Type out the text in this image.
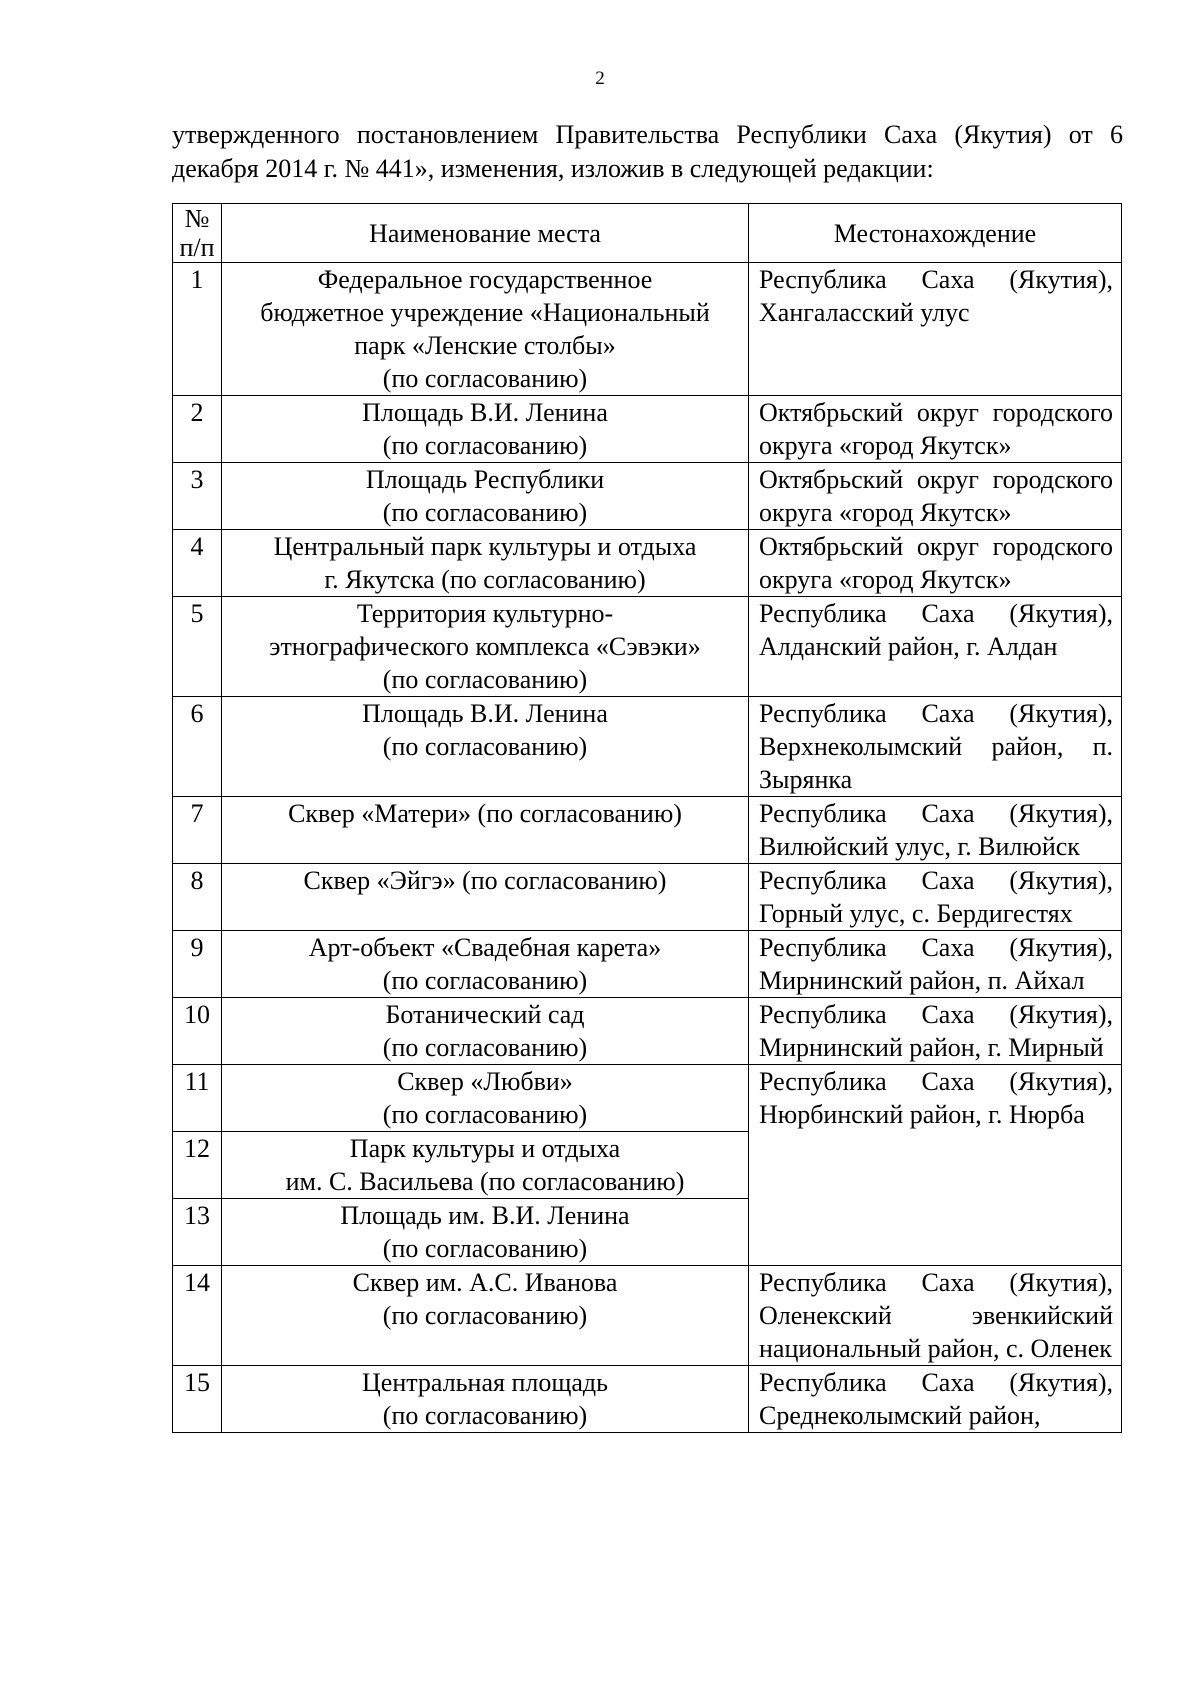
2

утвержденного постановлением Правительства Республики Саха (Якутия) от 6 декабря 2014 г. № 441», изменения, изложив в следующей редакции:

№
п/п	Наименование места	Местонахождение
1	Федеральное государственное
бюджетное учреждение «Национальный
парк «Ленские столбы»
(по согласованию)	Республика Саха (Якутия), Хангаласский улус
2	Площадь В.И. Ленина
(по согласованию)	Октябрьский округ городского округа «город Якутск»
3	Площадь Республики
(по согласованию)	Октябрьский округ городского округа «город Якутск»
4	Центральный парк культуры и отдыха
г. Якутска (по согласованию)	Октябрьский округ городского округа «город Якутск»
5	Территория культурно-
этнографического комплекса «Сэвэки»
(по согласованию)	Республика Саха (Якутия), Алданский район, г. Алдан
6	Площадь В.И. Ленина
(по согласованию)	Республика Саха (Якутия), Верхнеколымский район, п. Зырянка
7	Сквер «Матери» (по согласованию)	Республика Саха (Якутия), Вилюйский улус, г. Вилюйск
8	Сквер «Эйгэ» (по согласованию)	Республика Саха (Якутия), Горный улус, с. Бердигестях
9	Арт-объект «Свадебная карета»
(по согласованию)	Республика Саха (Якутия), Мирнинский район, п. Айхал
10	Ботанический сад
(по согласованию)	Республика Саха (Якутия), Мирнинский район, г. Мирный
11	Сквер «Любви»
(по согласованию)	Республика Саха (Якутия), Нюрбинский район, г. Нюрба
12	Парк культуры и отдыха
им. С. Васильева (по согласованию)	

13	Площадь им. В.И. Ленина
(по согласованию)	

14	Сквер им. А.С. Иванова
(по согласованию)	Республика Саха (Якутия), Оленекский эвенкийский национальный район, с. Оленек
15	Центральная площадь
(по согласованию)	Республика Саха (Якутия), Среднеколымский район,
